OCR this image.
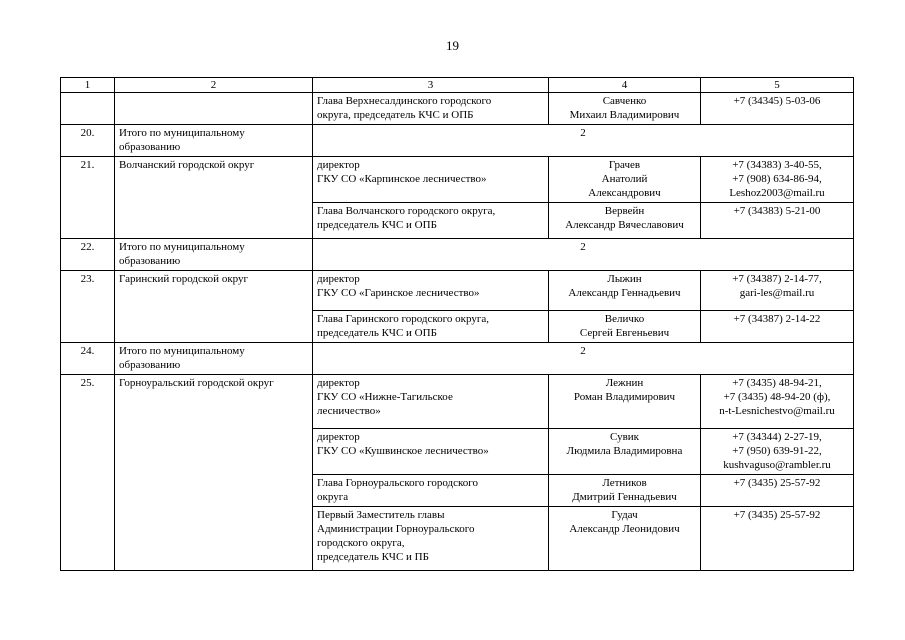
19
1	2	3	4	5
		Глава Верхнесалдинского городского
округа, председатель КЧС и ОПБ	Савченко
Михаил Владимирович	+7 (34345) 5-03-06
20.	Итого по муниципальному
образованию	2		
21.	Волчанский городской округ	директор
ГКУ СО «Карпинское лесничество»	Грачев
Анатолий
Александрович	+7 (34383) 3-40-55,
+7 (908) 634-86-94,
Leshoz2003@mail.ru
		Глава Волчанского городского округа,
председатель КЧС и ОПБ	Вервейн
Александр Вячеславович	+7 (34383) 5-21-00
22.	Итого по муниципальному
образованию	2		
23.	Гаринский городской округ	директор
ГКУ СО «Гаринское лесничество»	Лыжин
Александр Геннадьевич	+7 (34387) 2-14-77,
gari-les@mail.ru
		Глава Гаринского городского округа,
председатель КЧС и ОПБ	Величко
Сергей Евгеньевич	+7 (34387) 2-14-22
24.	Итого по муниципальному
образованию	2		
25.	Горноуральский городской округ	директор
ГКУ СО «Нижне-Тагильское
лесничество»	Лежнин
Роман Владимирович	+7 (3435) 48-94-21,
+7 (3435) 48-94-20 (ф),
n-t-Lesnichestvo@mail.ru
		директор
ГКУ СО «Кушвинское лесничество»	Сувик
Людмила Владимировна	+7 (34344) 2-27-19,
+7 (950) 639-91-22,
kushvaguso@rambler.ru
		Глава Горноуральского городского
округа	Летников
Дмитрий Геннадьевич	+7 (3435) 25-57-92
		Первый Заместитель главы
Администрации Горноуральского
городского округа,
председатель КЧС и ПБ	Гудач
Александр Леонидович	+7 (3435) 25-57-92
